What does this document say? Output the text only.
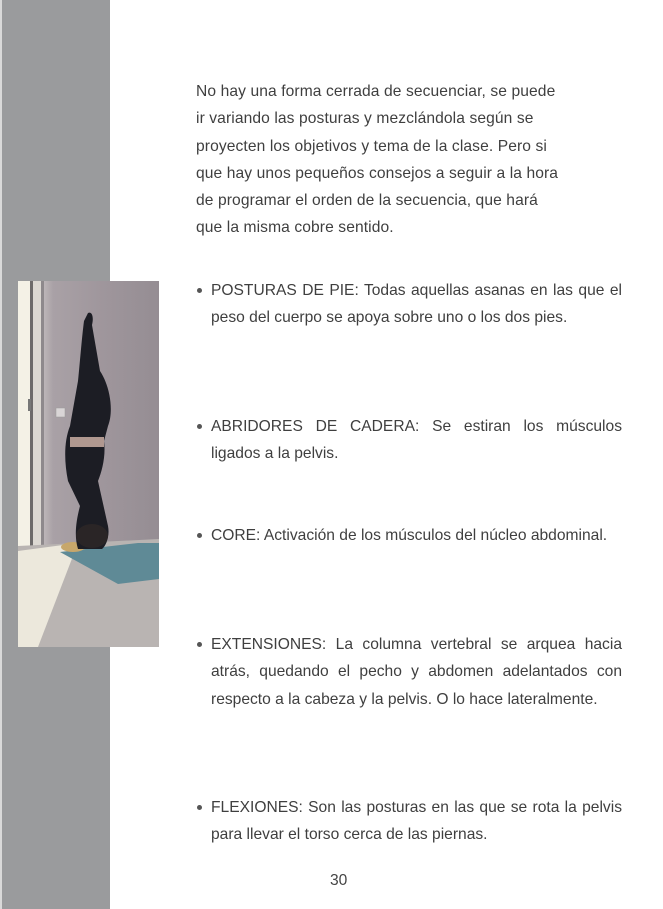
No hay una forma cerrada de secuenciar, se puede
ir variando las posturas y mezclándola según se
proyecten los objetivos y tema de la clase. Pero si
que hay unos pequeños consejos a seguir a la hora
de programar el orden de la secuencia, que hará
que la misma cobre sentido.
POSTURAS DE PIE: Todas aquellas asanas en las que el peso del cuerpo se apoya sobre uno o los dos pies.
ABRIDORES DE CADERA: Se estiran los músculos ligados a la pelvis.
CORE: Activación de los músculos del núcleo abdominal.
EXTENSIONES: La columna vertebral se arquea hacia atrás, quedando el pecho y abdomen adelantados con respecto a la cabeza y la pelvis. O lo hace lateralmente.
FLEXIONES: Son las posturas en las que se rota la pelvis para llevar el torso cerca de las piernas.
30
